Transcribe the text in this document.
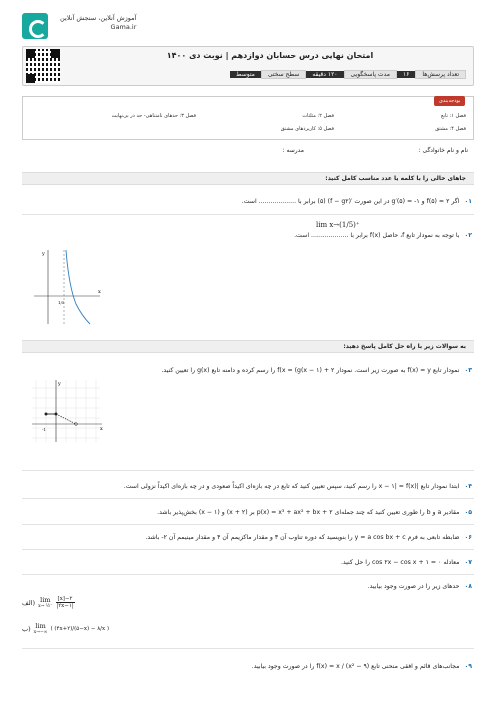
آموزش آنلاین، سنجش آنلاین
Gama.ir
امتحان نهایی درس حسابان دوازدهم | نوبت دی ۱۴۰۰
تعداد پرسش‌ها
۱۶
مدت پاسخگویی
۱۲۰ دقیقه
سطح سختی
متوسط
بودجه‌بندی
فصل ۱: تابع
فصل ۲: مثلثات
فصل ۳: حدهای نامتناهی- حد در بی‌نهایت
فصل ۴: مشتق
فصل ۵: کاربردهای مشتق
نام و نام خانوادگی :
مدرسه :
جاهای خالی را با کلمه یا عدد مناسب کامل کنید:
۰۱ اگر ۲ = (۵)f و ۱- = (۵)′g در این صورت ′(f − g۲) (۵) برابر با ................... است.
۰۲ با توجه به نمودار تابع f، حاصل f(x) برابر با ................... است.
lim x→(1/5)⁺
x
y
1/5
به سوالات زیر با راه حل کامل پاسخ دهید:
۰۳ نمودار تابع f(x) = y به صورت زیر است. نمودار ۲ + (۱ − f(x = (g(x را رسم کرده و دامنه تابع g(x) را تعیین کنید.
x
y
-1
۰۴ ابتدا نمودار تابع |x − ۱| = f(x) را رسم کنید، سپس تعیین کنید که تابع در چه بازه‌ای اکیداً صعودی و در چه بازه‌ای اکیداً نزولی است.
۰۵ مقادیر a و b را طوری تعیین کنید که چند جمله‌ای p(x) = x³ + ax² + bx + ۲ بر (x + ۲) و (x − ۱) بخش‌پذیر باشد.
۰۶ ضابطه تابعی به فرم y = a cos bx + c را بنویسید که دوره تناوب آن ۳ و مقدار ماکزیمم آن ۴ و مقدار مینیمم آن ۲- باشد.
۰۷ معادله cos ۲x − cos x + ۱ = ۰ را حل کنید.
۰۸ حدهای زیر را در صورت وجود بیابید.
الف) lim
x→ ½⁻ $\frac{[x]-۲}{|۲x-۱|}$
ب) lim
x→−∞
( (۴x+۲)/(۵−x) − ۸/x )
۰۹ مجانب‌های قائم و افقی منحنی تابع f(x) = x / (x² − ۹) را در صورت وجود بیابید.
